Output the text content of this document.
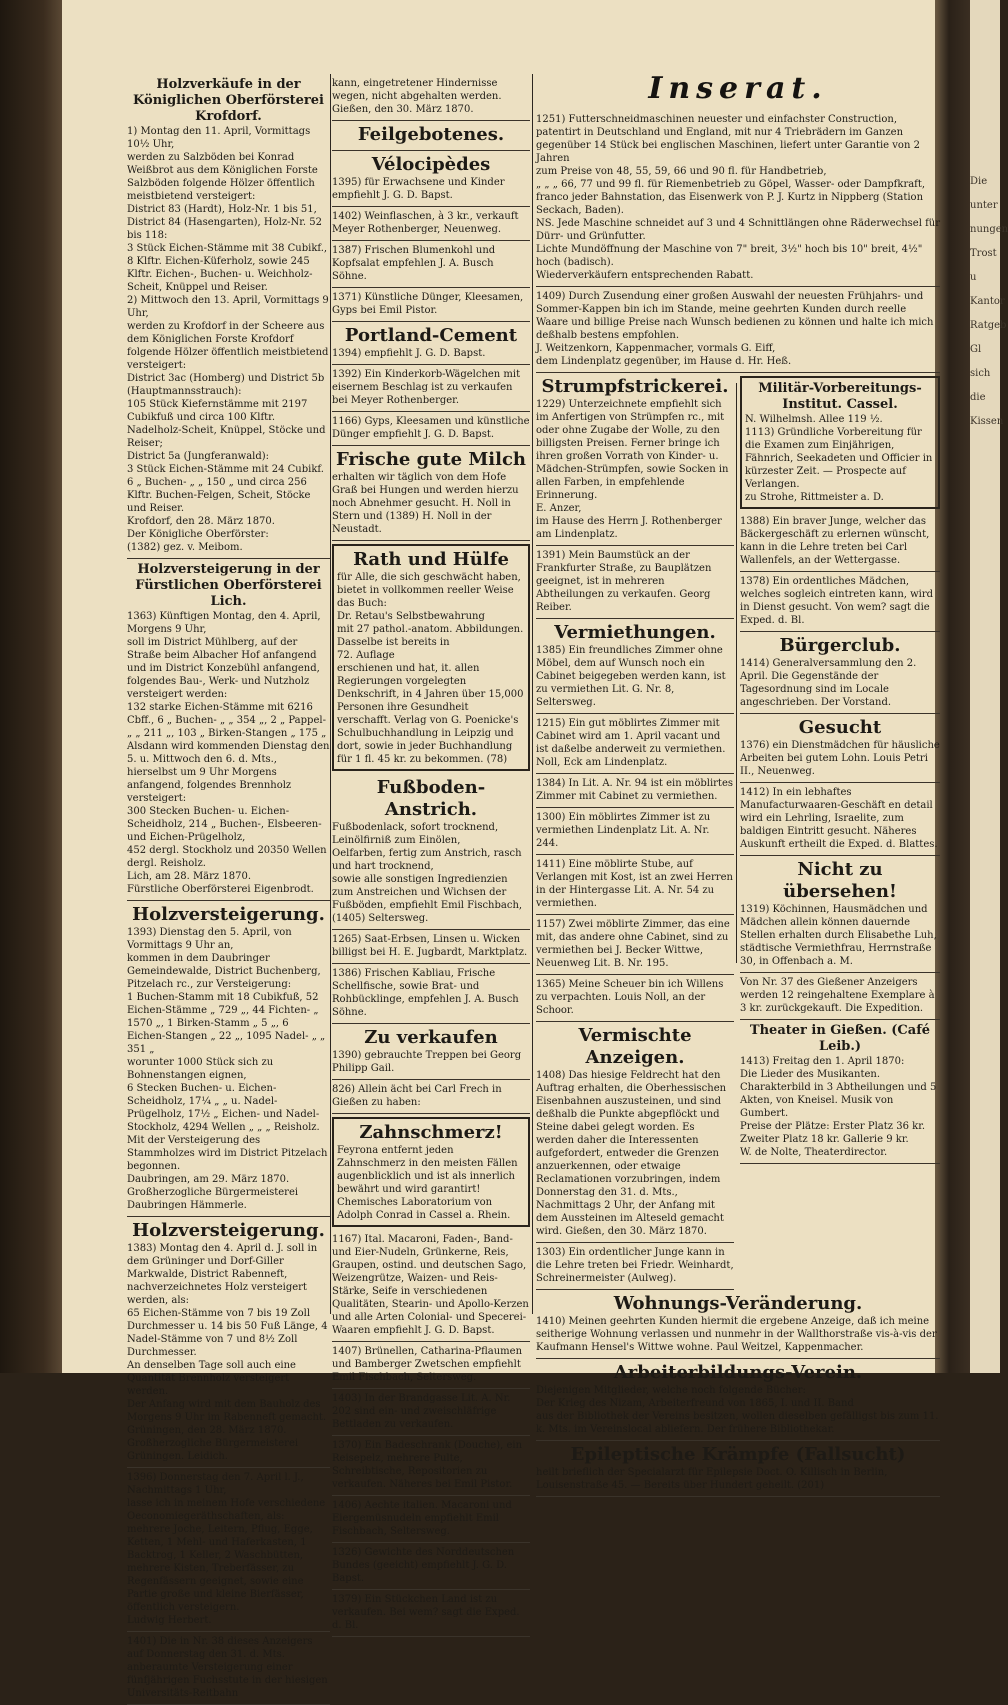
Die
unter
nungen
Trost u
Kantor
Ratgeb
Gl
sich die
Kissen
Inserat.
Holzverkäufe in der Königlichen Oberförsterei Krofdorf.
1) Montag den 11. April, Vormittags 10½ Uhr,
werden zu Salzböden bei Konrad Weißbrot aus dem Königlichen Forste Salzböden folgende Hölzer öffentlich meistbietend versteigert:
District 83 (Hardt), Holz-Nr. 1 bis 51, District 84 (Hasengarten), Holz-Nr. 52 bis 118:
3 Stück Eichen-Stämme mit 38 Cubikf., 8 Klftr. Eichen-Küferholz, sowie 245 Klftr. Eichen-, Buchen- u. Weichholz-Scheit, Knüppel und Reiser.
2) Mittwoch den 13. April, Vormittags 9 Uhr,
werden zu Krofdorf in der Scheere aus dem Königlichen Forste Krofdorf folgende Hölzer öffentlich meistbietend versteigert:
District 3ac (Homberg) und District 5b (Hauptmannsstrauch):
105 Stück Kiefernstämme mit 2197 Cubikfuß und circa 100 Klftr. Nadelholz-Scheit, Knüppel, Stöcke und Reiser;
District 5a (Jungferanwald):
3 Stück Eichen-Stämme mit 24 Cubikf. 6 „ Buchen- „ „ 150 „ und circa 256 Klftr. Buchen-Felgen, Scheit, Stöcke und Reiser.
Krofdorf, den 28. März 1870.
Der Königliche Oberförster:
(1382) gez. v. Meibom.
Holzversteigerung in der Fürstlichen Oberförsterei Lich.
1363) Künftigen Montag, den 4. April, Morgens 9 Uhr,
soll im District Mühlberg, auf der Straße beim Albacher Hof anfangend und im District Konzebühl anfangend, folgendes Bau-, Werk- und Nutzholz versteigert werden:
132 starke Eichen-Stämme mit 6216 Cbff., 6 „ Buchen- „ „ 354 „, 2 „ Pappel- „ „ 211 „, 103 „ Birken-Stangen „ 175 „
Alsdann wird kommenden Dienstag den 5. u. Mittwoch den 6. d. Mts., hierselbst um 9 Uhr Morgens anfangend, folgendes Brennholz versteigert:
300 Stecken Buchen- u. Eichen-Scheidholz, 214 „ Buchen-, Elsbeeren- und Eichen-Prügelholz,
452 dergl. Stockholz und 20350 Wellen dergl. Reisholz.
Lich, am 28. März 1870.
Fürstliche Oberförsterei Eigenbrodt.
Holzversteigerung.
1393) Dienstag den 5. April, von Vormittags 9 Uhr an,
kommen in dem Daubringer Gemeindewalde, District Buchenberg, Pitzelach rc., zur Versteigerung:
1 Buchen-Stamm mit 18 Cubikfuß, 52 Eichen-Stämme „ 729 „, 44 Fichten- „ 1570 „, 1 Birken-Stamm „ 5 „, 6 Eichen-Stangen „ 22 „, 1095 Nadel- „ „ 351 „
worunter 1000 Stück sich zu Bohnenstangen eignen,
6 Stecken Buchen- u. Eichen-Scheidholz, 17¼ „ „ u. Nadel-Prügelholz, 17½ „ Eichen- und Nadel-Stockholz, 4294 Wellen „ „ „ Reisholz.
Mit der Versteigerung des Stammholzes wird im District Pitzelach begonnen.
Daubringen, am 29. März 1870.
Großherzogliche Bürgermeisterei Daubringen Hämmerle.
Holzversteigerung.
1383) Montag den 4. April d. J. soll in dem Grüninger und Dorf-Giller Markwalde, District Rabenneft, nachverzeichnetes Holz versteigert werden, als:
65 Eichen-Stämme von 7 bis 19 Zoll Durchmesser u. 14 bis 50 Fuß Länge, 4 Nadel-Stämme von 7 und 8½ Zoll Durchmesser.
An denselben Tage soll auch eine Quantität Brennholz versteigert werden.
Der Anfang wird mit dem Bauholz des Morgens 9 Uhr im Rabenneft gemacht.
Grüningen, den 28. März 1870.
Großherzogliche Bürgermeisterei Grüningen. Leidich.
1396) Donnerstag den 7. April l. J., Nachmittags 1 Uhr,
lasse ich in meinem Hofe verschiedene Oeconomiegeräthschaften, als:
mehrere Joche, Leitern, Pflug, Egge, Ketten, 1 Mehl- und Haferkasten, 1 Backtrog, 1 Keller, 2 Waschbütten, mehrere Kisten, Treberfässer, zu Regenfässern geeignet, sowie eine Partie große und kleine Bierfässer,
öffentlich versteigern.
Ludwig Herbert.
1401) Die in Nr. 38 dieses Anzeigers auf Donnerstag den 31. d. Mts. anberaumte Versteigerung einer fünfjährigen Fuchsstute in der hiesigen Universitäts-Reitbahn
kann, eingetretener Hindernisse wegen, nicht abgehalten werden.
Gießen, den 30. März 1870.
Feilgebotenes.
Vélocipèdes
1395) für Erwachsene und Kinder empfiehlt J. G. D. Bapst.
1402) Weinflaschen, à 3 kr., verkauft Meyer Rothenberger, Neuenweg.
1387) Frischen Blumenkohl und Kopfsalat empfehlen J. A. Busch Söhne.
1371) Künstliche Dünger, Kleesamen, Gyps bei Emil Pistor.
Portland-Cement
1394) empfiehlt J. G. D. Bapst.
1392) Ein Kinderkorb-Wägelchen mit eisernem Beschlag ist zu verkaufen bei Meyer Rothenberger.
1166) Gyps, Kleesamen und künstliche Dünger empfiehlt J. G. D. Bapst.
Frische gute Milch
erhalten wir täglich von dem Hofe Graß bei Hungen und werden hierzu noch Abnehmer gesucht. H. Noll in Stern und (1389) H. Noll in der Neustadt.
Rath und Hülfe
für Alle, die sich geschwächt haben, bietet in vollkommen reeller Weise das Buch:
Dr. Retau's Selbstbewahrung
mit 27 pathol.-anatom. Abbildungen. Dasselbe ist bereits in
72. Auflage
erschienen und hat, it. allen Regierungen vorgelegten Denkschrift, in 4 Jahren über 15,000 Personen ihre Gesundheit verschafft. Verlag von G. Poenicke's Schulbuchhandlung in Leipzig und dort, sowie in jeder Buchhandlung für 1 fl. 45 kr. zu bekommen. (78)
Fußboden-Anstrich.
Fußbodenlack, sofort trocknend,
Leinölfirniß zum Einölen,
Oelfarben, fertig zum Anstrich, rasch und hart trocknend,
sowie alle sonstigen Ingredienzien zum Anstreichen und Wichsen der Fußböden, empfiehlt Emil Fischbach, (1405) Seltersweg.
1265) Saat-Erbsen, Linsen u. Wicken billigst bei H. E. Jugbardt, Marktplatz.
1386) Frischen Kabliau, Frische Schellfische, sowie Brat- und Rohbücklinge, empfehlen J. A. Busch Söhne.
Zu verkaufen
1390) gebrauchte Treppen bei Georg Philipp Gail.
826) Allein ächt bei Carl Frech in Gießen zu haben:
Zahnschmerz!
Feyrona entfernt jeden Zahnschmerz in den meisten Fällen augenblicklich und ist als innerlich bewährt und wird garantirt!
Chemisches Laboratorium von Adolph Conrad in Cassel a. Rhein.
1167) Ital. Macaroni, Faden-, Band- und Eier-Nudeln, Grünkerne, Reis, Graupen, ostind. und deutschen Sago, Weizengrütze, Waizen- und Reis-Stärke, Seife in verschiedenen Qualitäten, Stearin- und Apollo-Kerzen und alle Arten Colonial- und Specerei-Waaren empfiehlt J. G. D. Bapst.
1407) Brünellen, Catharina-Pflaumen und Bamberger Zwetschen empfiehlt Emil Fischbach, Seltersweg.
1403) In der Brandgasse Lit. A. Nr. 202 sind ein- und zweischläfrige Bettladen zu verkaufen.
1370) Ein Badeschrank (Douche), ein Reisepelz, mehrere Pulte, Schreibtische, Repositorien zu verkaufen. Näheres bei Emil Pistor.
1406) Aechte italien. Macaroni und Eiergemüsnudeln empfiehlt Emil Fischbach, Seltersweg.
1326) Gewichte des Norddeutschen Bundes (geeicht) empfiehlt J. G. D. Bapst.
1379) Ein Stückchen Land ist zu verkaufen. Bei wem? sagt die Exped. d. Bl.
1251) Futterschneidmaschinen neuester und einfachster Construction, patentirt in Deutschland und England, mit nur 4 Triebrädern im Ganzen gegenüber 14 Stück bei englischen Maschinen, liefert unter Garantie von 2 Jahren
zum Preise von 48, 55, 59, 66 und 90 fl. für Handbetrieb,
„ „ „ 66, 77 und 99 fl. für Riemenbetrieb zu Göpel, Wasser- oder Dampfkraft,
franco jeder Bahnstation, das Eisenwerk von P. J. Kurtz in Nippberg (Station Seckach, Baden).
NS. Jede Maschine schneidet auf 3 und 4 Schnittlängen ohne Räderwechsel für Dürr- und Grünfutter.
Lichte Mundöffnung der Maschine von 7" breit, 3½" hoch bis 10" breit, 4½" hoch (badisch).
Wiederverkäufern entsprechenden Rabatt.
1409) Durch Zusendung einer großen Auswahl der neuesten Frühjahrs- und Sommer-Kappen bin ich im Stande, meine geehrten Kunden durch reelle Waare und billige Preise nach Wunsch bedienen zu können und halte ich mich deßhalb bestens empfohlen.
J. Weitzenkorn, Kappenmacher, vormals G. Eiff,
dem Lindenplatz gegenüber, im Hause d. Hr. Heß.
Strumpfstrickerei.
1229) Unterzeichnete empfiehlt sich im Anfertigen von Strümpfen rc., mit oder ohne Zugabe der Wolle, zu den billigsten Preisen. Ferner bringe ich ihren großen Vorrath von Kinder- u. Mädchen-Strümpfen, sowie Socken in allen Farben, in empfehlende Erinnerung.
E. Anzer,
im Hause des Herrn J. Rothenberger am Lindenplatz.
1391) Mein Baumstück an der Frankfurter Straße, zu Bauplätzen geeignet, ist in mehreren Abtheilungen zu verkaufen. Georg Reiber.
Vermiethungen.
1385) Ein freundliches Zimmer ohne Möbel, dem auf Wunsch noch ein Cabinet beigegeben werden kann, ist zu vermiethen Lit. G. Nr. 8, Seltersweg.
1215) Ein gut möblirtes Zimmer mit Cabinet wird am 1. April vacant und ist daßelbe anderweit zu vermiethen. Noll, Eck am Lindenplatz.
1384) In Lit. A. Nr. 94 ist ein möblirtes Zimmer mit Cabinet zu vermiethen.
1300) Ein möblirtes Zimmer ist zu vermiethen Lindenplatz Lit. A. Nr. 244.
1411) Eine möblirte Stube, auf Verlangen mit Kost, ist an zwei Herren in der Hintergasse Lit. A. Nr. 54 zu vermiethen.
1157) Zwei möblirte Zimmer, das eine mit, das andere ohne Cabinet, sind zu vermiethen bei J. Becker Wittwe, Neuenweg Lit. B. Nr. 195.
1365) Meine Scheuer bin ich Willens zu verpachten. Louis Noll, an der Schoor.
Vermischte Anzeigen.
1408) Das hiesige Feldrecht hat den Auftrag erhalten, die Oberhessischen Eisenbahnen auszusteinen, und sind deßhalb die Punkte abgepflöckt und Steine dabei gelegt worden. Es werden daher die Interessenten aufgefordert, entweder die Grenzen anzuerkennen, oder etwaige Reclamationen vorzubringen, indem Donnerstag den 31. d. Mts., Nachmittags 2 Uhr, der Anfang mit dem Aussteinen im Alteseld gemacht wird. Gießen, den 30. März 1870.
1303) Ein ordentlicher Junge kann in die Lehre treten bei Friedr. Weinhardt, Schreinermeister (Aulweg).
Militär-Vorbereitungs-Institut. Cassel.
N. Wilhelmsh. Allee 119 ½.
1113) Gründliche Vorbereitung für die Examen zum Einjährigen, Fähnrich, Seekadeten und Officier in kürzester Zeit. — Prospecte auf Verlangen.
zu Strohe, Rittmeister a. D.
1388) Ein braver Junge, welcher das Bäckergeschäft zu erlernen wünscht, kann in die Lehre treten bei Carl Wallenfels, an der Wettergasse.
1378) Ein ordentliches Mädchen, welches sogleich eintreten kann, wird in Dienst gesucht. Von wem? sagt die Exped. d. Bl.
Bürgerclub.
1414) Generalversammlung den 2. April. Die Gegenstände der Tagesordnung sind im Locale angeschrieben. Der Vorstand.
Gesucht
1376) ein Dienstmädchen für häusliche Arbeiten bei gutem Lohn. Louis Petri II., Neuenweg.
1412) In ein lebhaftes Manufacturwaaren-Geschäft en detail wird ein Lehrling, Israelite, zum baldigen Eintritt gesucht. Näheres Auskunft ertheilt die Exped. d. Blattes.
Nicht zu übersehen!
1319) Köchinnen, Hausmädchen und Mädchen allein können dauernde Stellen erhalten durch Elisabethe Luh, städtische Vermiethfrau, Herrnstraße 30, in Offenbach a. M.
Von Nr. 37 des Gießener Anzeigers werden 12 reingehaltene Exemplare à 3 kr. zurückgekauft. Die Expedition.
Theater in Gießen. (Café Leib.)
1413) Freitag den 1. April 1870:
Die Lieder des Musikanten.
Charakterbild in 3 Abtheilungen und 5 Akten, von Kneisel. Musik von Gumbert.
Preise der Plätze: Erster Platz 36 kr. Zweiter Platz 18 kr. Gallerie 9 kr.
W. de Nolte, Theaterdirector.
Wohnungs-Veränderung.
1410) Meinen geehrten Kunden hiermit die ergebene Anzeige, daß ich meine seitherige Wohnung verlassen und nunmehr in der Wallthorstraße vis-à-vis der Kaufmann Hensel's Wittwe wohne. Paul Weitzel, Kappenmacher.
Arbeiterbildungs-Verein.
Diejenigen Mitglieder, welche noch folgende Bücher:
Der Krieg des Nizam, Arbeiterfreund von 1865, I. und II. Band
aus der Bibliothek der Vereins besitzen, wollen dieselben gefälligst bis zum 11. k. Mts. im Vereinslocal abliefern. Der frühere Bibliothekar.
Epileptische Krämpfe (Fallsucht)
heilt brieflich der Specialarzt für Epilepsie Doct. O. Killisch in Berlin, Louisenstraße 45. — Bereits über Hundert geheilt. (201)
